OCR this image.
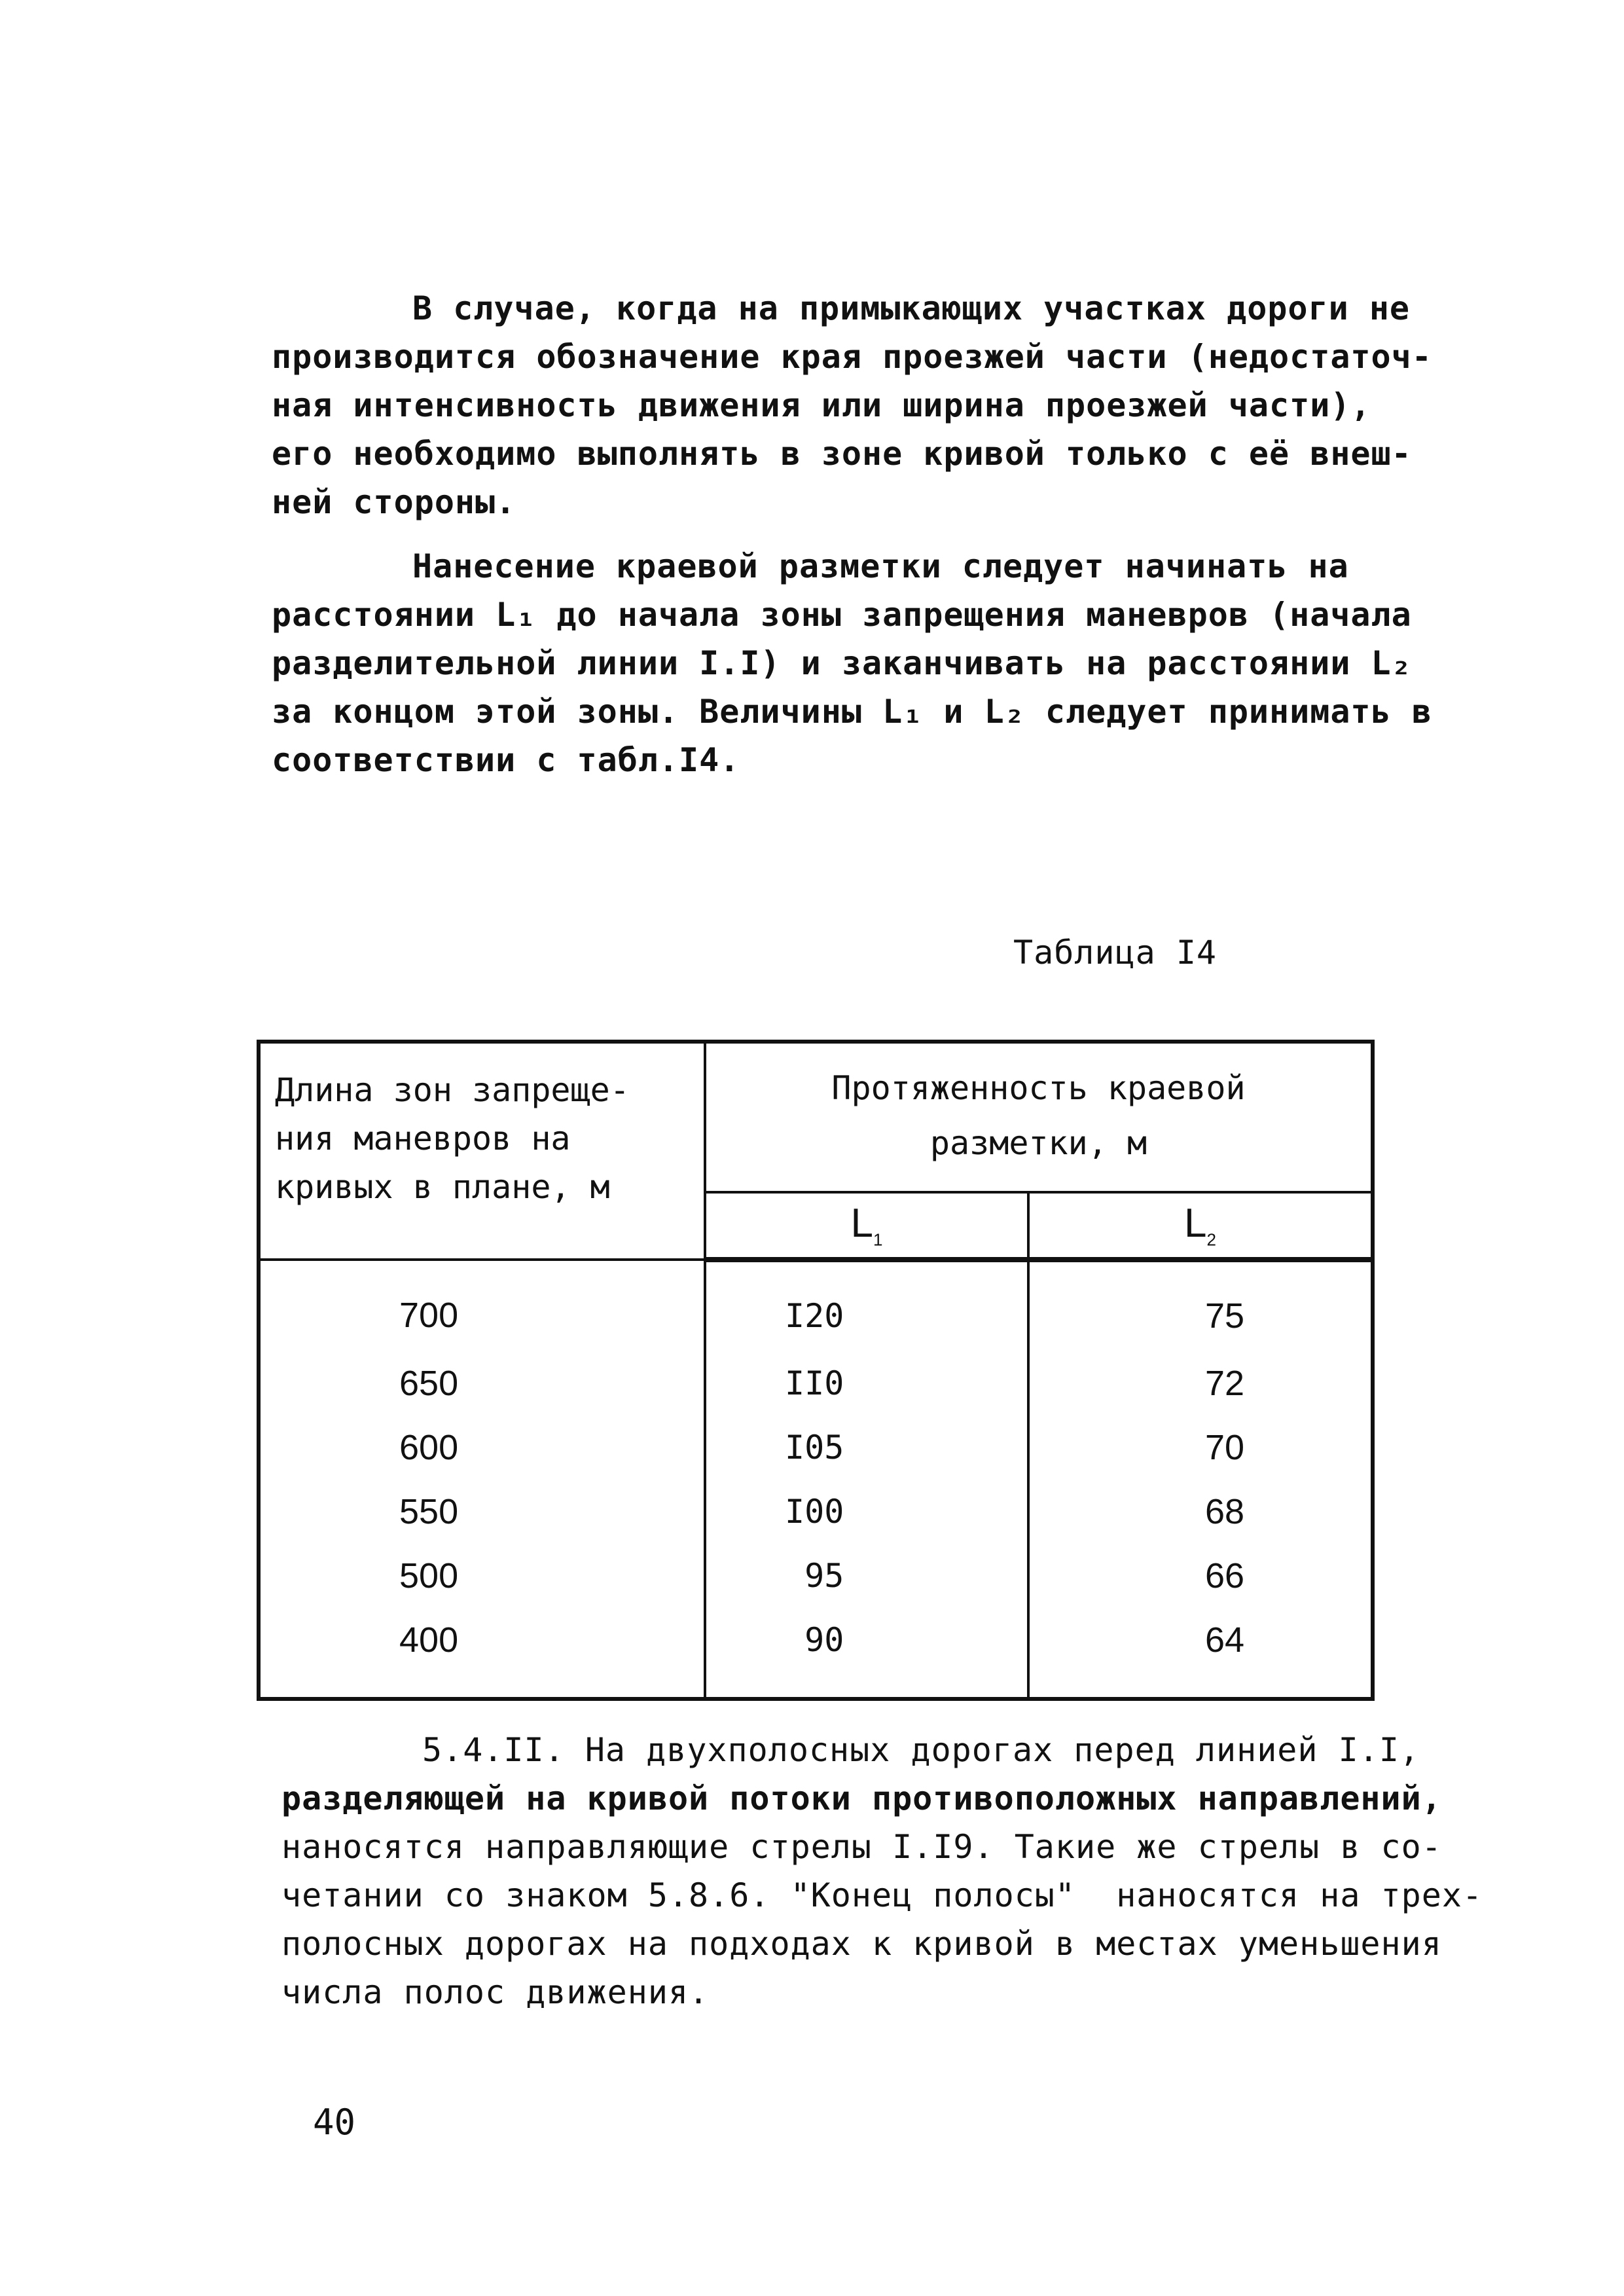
В случае, когда на примыкающих участках дороги не
производится обозначение края проезжей части (недостаточ-
ная интенсивность движения или ширина проезжей части),
его необходимо выполнять в зоне кривой только с её внеш-
ней стороны.
Нанесение краевой разметки следует начинать на
расстоянии L₁ до начала зоны запрещения маневров (начала
разделительной линии I.I) и заканчивать на расстоянии L₂
за концом этой зоны. Величины L₁ и L₂ следует принимать в
соответствии с табл.I4.
Таблица I4
Длина зон запреще-
ния маневров на
кривых в плане, м	Протяженность краевой
разметки, м	

	$L_1$	$L_2$
700	I20	75
650	II0	72
600	I05	70
550	I00	68
500	95	66
400	90	64
5.4.II. На двухполосных дорогах перед линией I.I,
разделяющей на кривой потоки противоположных направлений,
наносятся направляющие стрелы I.I9. Такие же стрелы в со-
четании со знаком 5.8.6. "Конец полосы"  наносятся на трех-
полосных дорогах на подходах к кривой в местах уменьшения
числа полос движения.
40
